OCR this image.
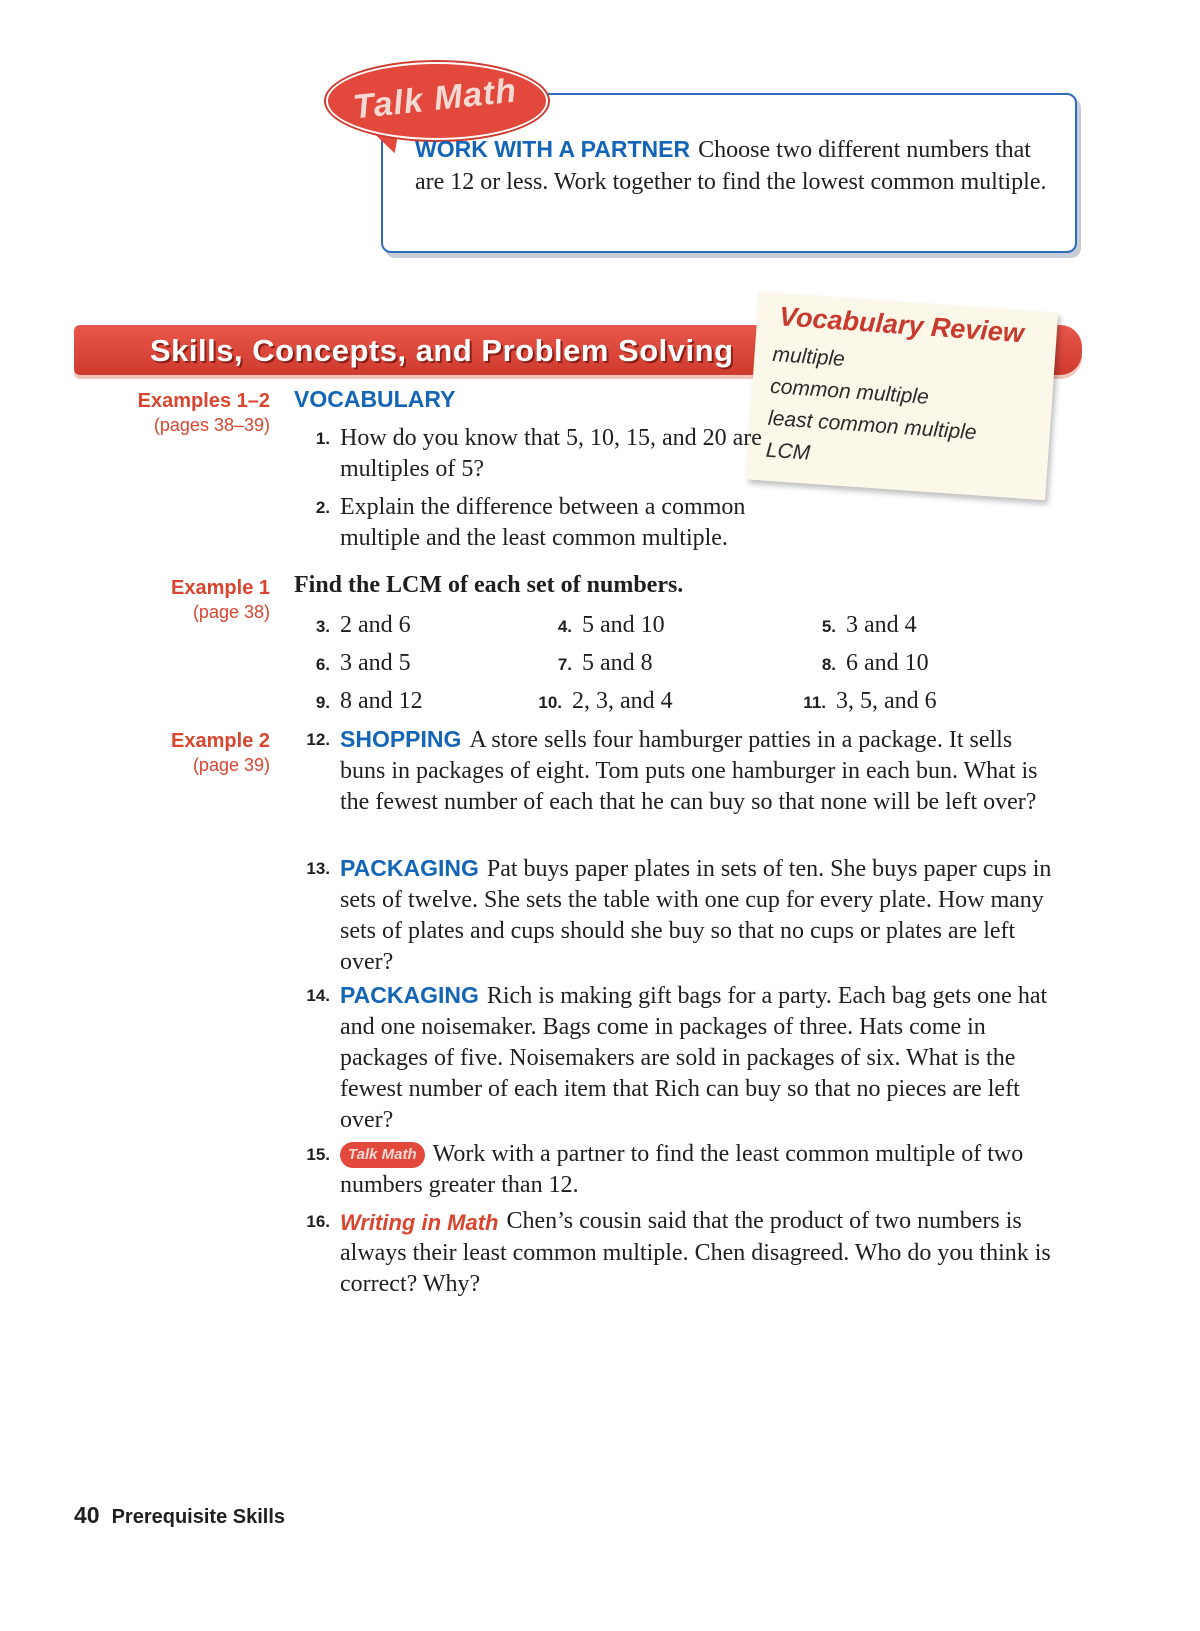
Talk Math
WORK WITH A PARTNER Choose two different numbers that are 12 or less. Work together to find the lowest common multiple.
Skills, Concepts, and Problem Solving
Vocabulary Review
multiple
common multiple
least common multiple
LCM
Examples 1–2
(pages 38–39)
Example 1
(page 38)
Example 2
(page 39)
VOCABULARY
1. How do you know that 5, 10, 15, and 20 are multiples of 5?
2. Explain the difference between a common multiple and the least common multiple.
Find the LCM of each set of numbers.
3. 2 and 6	4. 5 and 10	5. 3 and 4
6. 3 and 5	7. 5 and 8	8. 6 and 10
9. 8 and 12	10. 2, 3, and 4	11. 3, 5, and 6
12. SHOPPING A store sells four hamburger patties in a package. It sells buns in packages of eight. Tom puts one hamburger in each bun. What is the fewest number of each that he can buy so that none will be left over?
13. PACKAGING Pat buys paper plates in sets of ten. She buys paper cups in sets of twelve. She sets the table with one cup for every plate. How many sets of plates and cups should she buy so that no cups or plates are left over?
14. PACKAGING Rich is making gift bags for a party. Each bag gets one hat and one noisemaker. Bags come in packages of three. Hats come in packages of five. Noisemakers are sold in packages of six. What is the fewest number of each item that Rich can buy so that no pieces are left over?
15.	Talk Math Work with a partner to find the least common multiple of two numbers greater than 12.
16. Writing in Math Chen’s cousin said that the product of two numbers is always their least common multiple. Chen disagreed. Who do you think is correct? Why?
40 Prerequisite Skills
